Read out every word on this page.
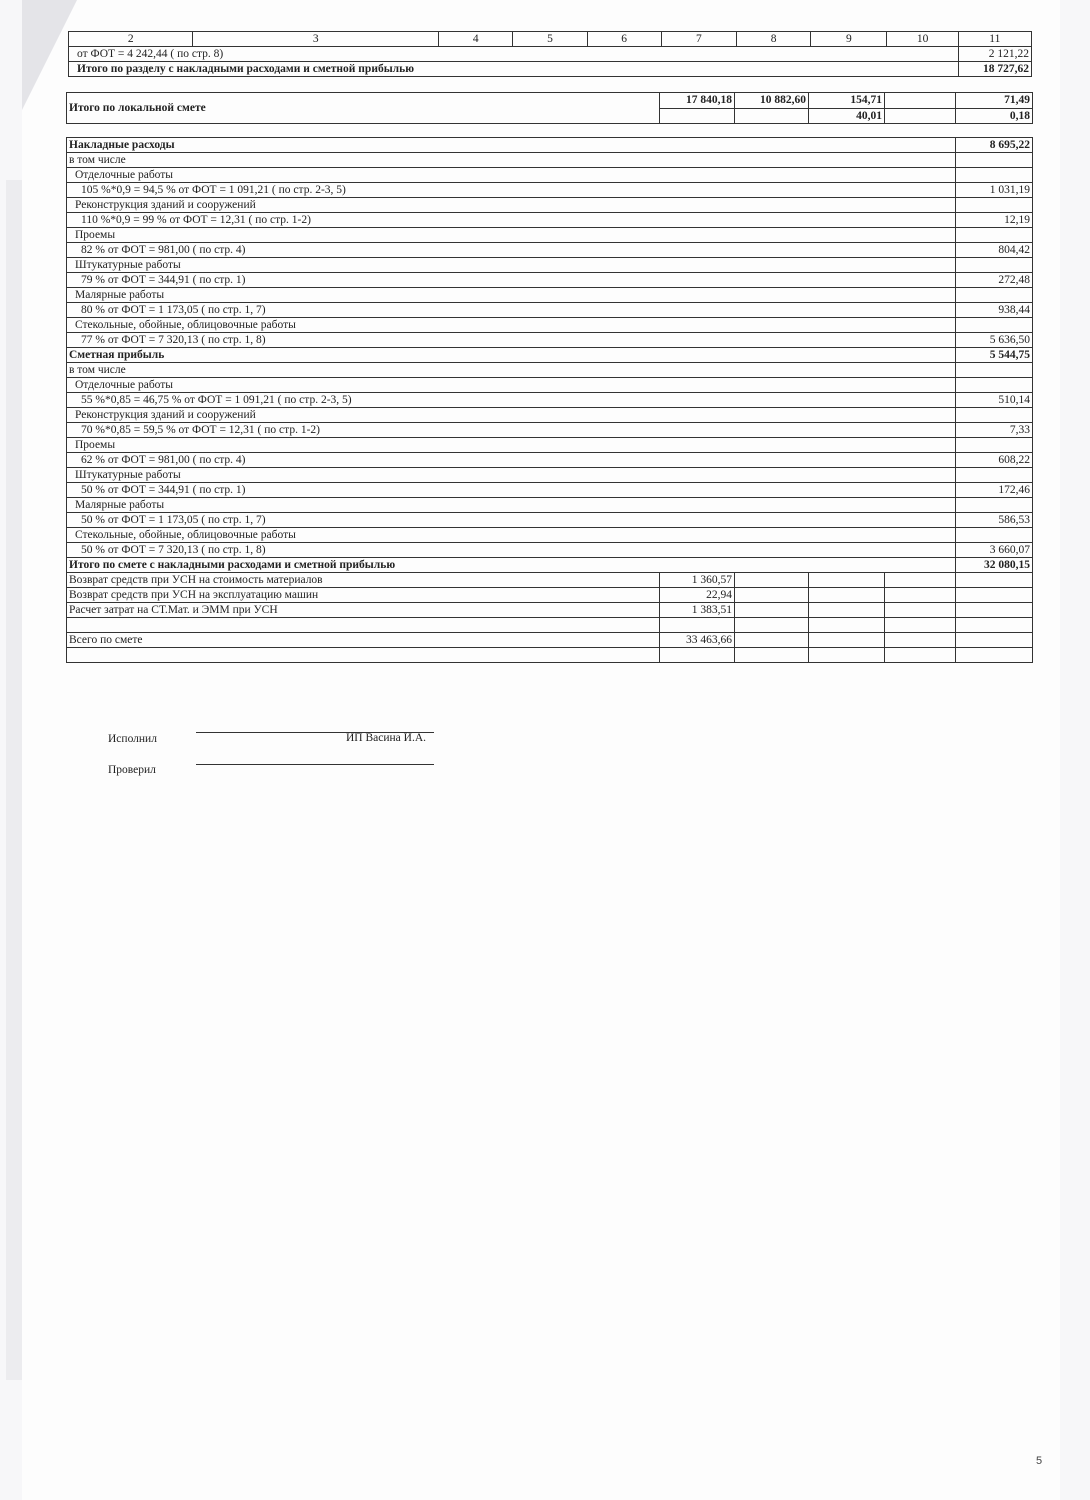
2	3	4	5	6	7	8	9	10	11
от ФОТ = 4 242,44 ( по стр. 8)									2 121,22
Итого по разделу с накладными расходами и сметной прибылью									18 727,62
Итого по локальной смете	17 840,18	10 882,60	154,71		71,49
			40,01		0,18
Накладные расходы					8 695,22
в том числе					
Отделочные работы					
105 %*0,9 = 94,5 % от ФОТ = 1 091,21 ( по стр. 2-3, 5)					1 031,19
Реконструкция зданий и сооружений					
110 %*0,9 = 99 % от ФОТ = 12,31 ( по стр. 1-2)					12,19
Проемы					
82 % от ФОТ = 981,00 ( по стр. 4)					804,42
Штукатурные работы					
79 % от ФОТ = 344,91 ( по стр. 1)					272,48
Малярные работы					
80 % от ФОТ = 1 173,05 ( по стр. 1, 7)					938,44
Стекольные, обойные, облицовочные работы					
77 % от ФОТ = 7 320,13 ( по стр. 1, 8)					5 636,50
Сметная прибыль					5 544,75
в том числе					
Отделочные работы					
55 %*0,85 = 46,75 % от ФОТ = 1 091,21 ( по стр. 2-3, 5)					510,14
Реконструкция зданий и сооружений					
70 %*0,85 = 59,5 % от ФОТ = 12,31 ( по стр. 1-2)					7,33
Проемы					
62 % от ФОТ = 981,00 ( по стр. 4)					608,22
Штукатурные работы					
50 % от ФОТ = 344,91 ( по стр. 1)					172,46
Малярные работы					
50 % от ФОТ = 1 173,05 ( по стр. 1, 7)					586,53
Стекольные, обойные, облицовочные работы					
50 % от ФОТ = 7 320,13 ( по стр. 1, 8)					3 660,07
Итого по смете с накладными расходами и сметной прибылью					32 080,15
Возврат средств при УСН на стоимость материалов	1 360,57				
Возврат средств при УСН на эксплуатацию машин	22,94				
Расчет затрат на СТ.Мат. и ЭММ при УСН	1 383,51				

Всего по смете	33 463,66				

Исполнил	ИП Васина И.А.
Проверил
5
